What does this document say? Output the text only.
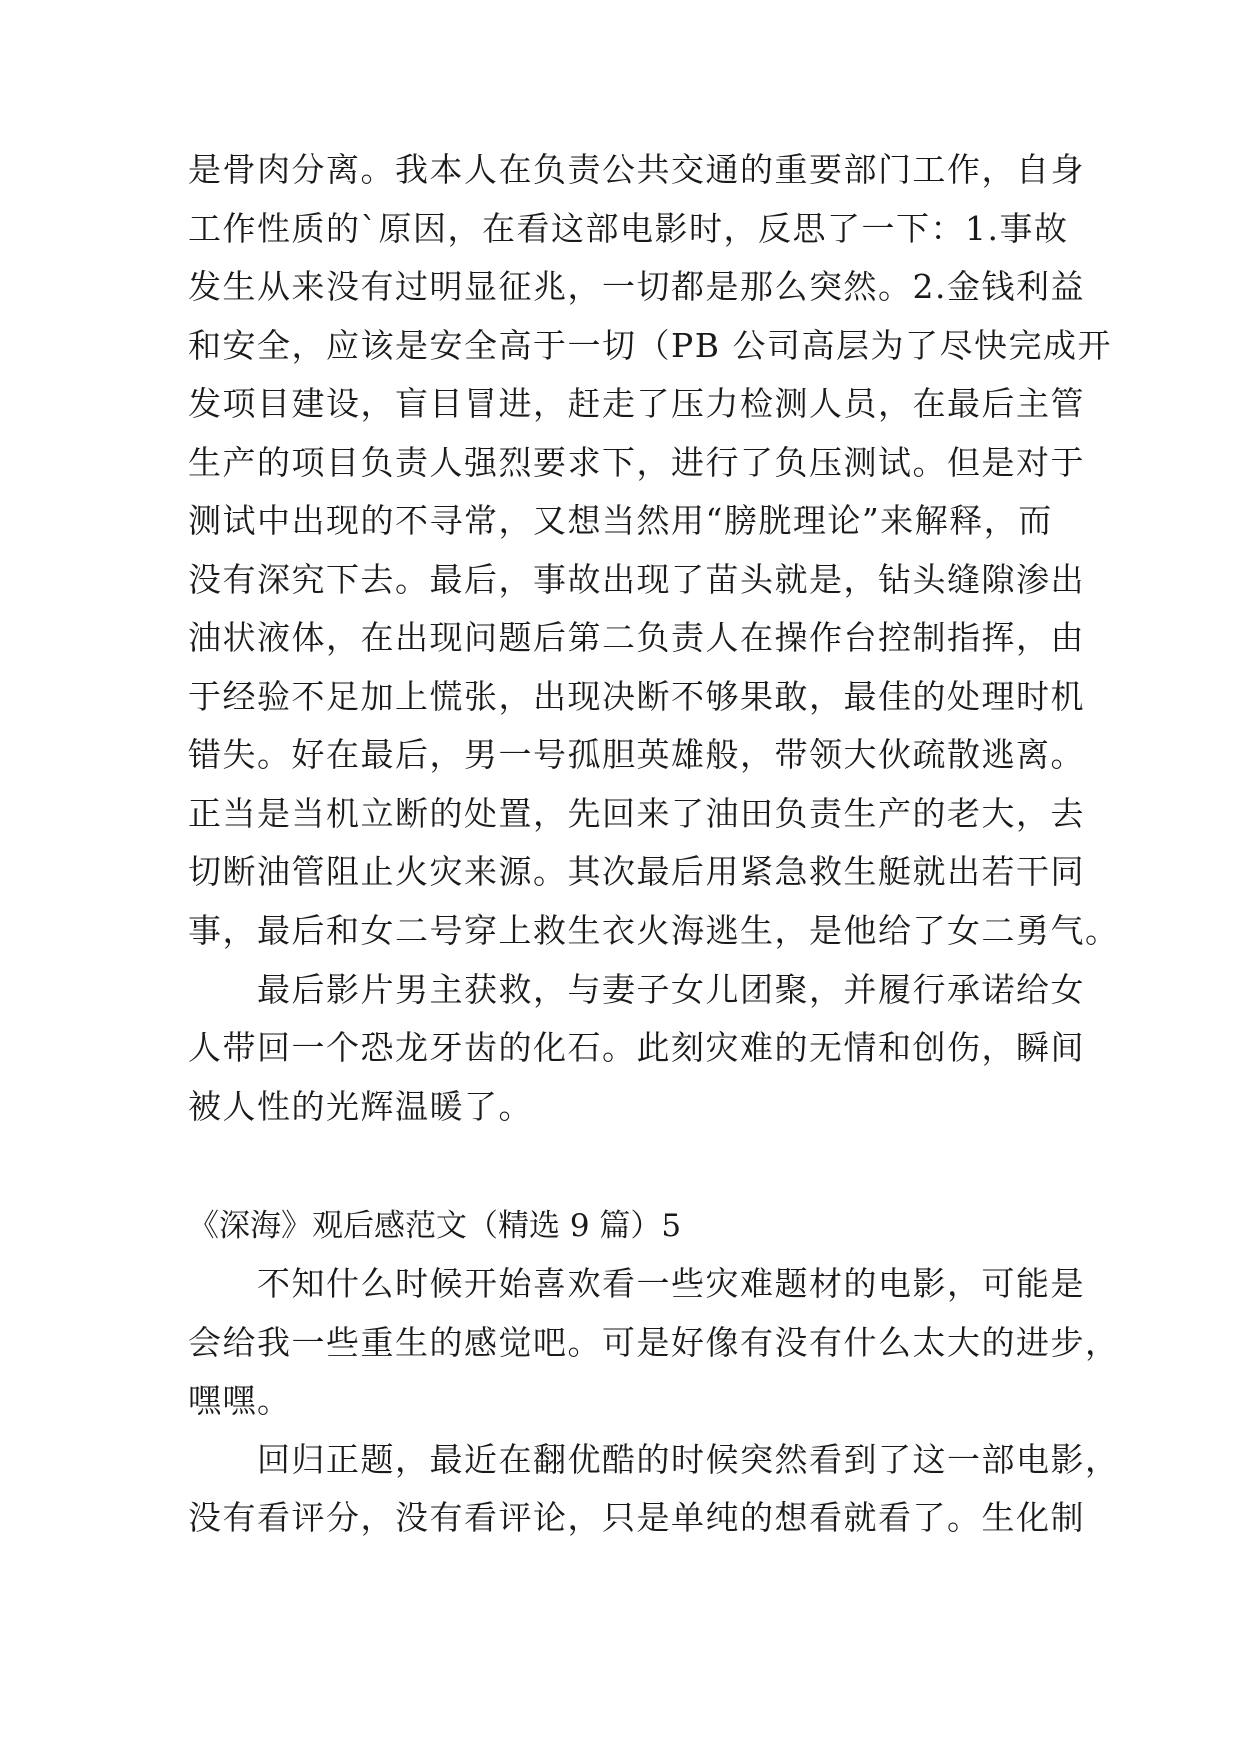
是骨肉分离。我本人在负责公共交通的重要部门工作，自身
工作性质的`原因，在看这部电影时，反思了一下：1.事故
发生从来没有过明显征兆，一切都是那么突然。2.金钱利益
和安全，应该是安全高于一切（PB 公司高层为了尽快完成开
发项目建设，盲目冒进，赶走了压力检测人员，在最后主管
生产的项目负责人强烈要求下，进行了负压测试。但是对于
测试中出现的不寻常，又想当然用“膀胱理论”来解释，而
没有深究下去。最后，事故出现了苗头就是，钻头缝隙渗出
油状液体，在出现问题后第二负责人在操作台控制指挥，由
于经验不足加上慌张，出现决断不够果敢，最佳的处理时机
错失。好在最后，男一号孤胆英雄般，带领大伙疏散逃离。
正当是当机立断的处置，先回来了油田负责生产的老大，去
切断油管阻止火灾来源。其次最后用紧急救生艇就出若干同
事，最后和女二号穿上救生衣火海逃生，是他给了女二勇气。
　　最后影片男主获救，与妻子女儿团聚，并履行承诺给女
人带回一个恐龙牙齿的化石。此刻灾难的无情和创伤，瞬间
被人性的光辉温暖了。
《深海》观后感范文（精选 9 篇）5
　　不知什么时候开始喜欢看一些灾难题材的电影，可能是
会给我一些重生的感觉吧。可是好像有没有什么太大的进步，
嘿嘿。
　　回归正题，最近在翻优酷的时候突然看到了这一部电影，
没有看评分，没有看评论，只是单纯的想看就看了。生化制
